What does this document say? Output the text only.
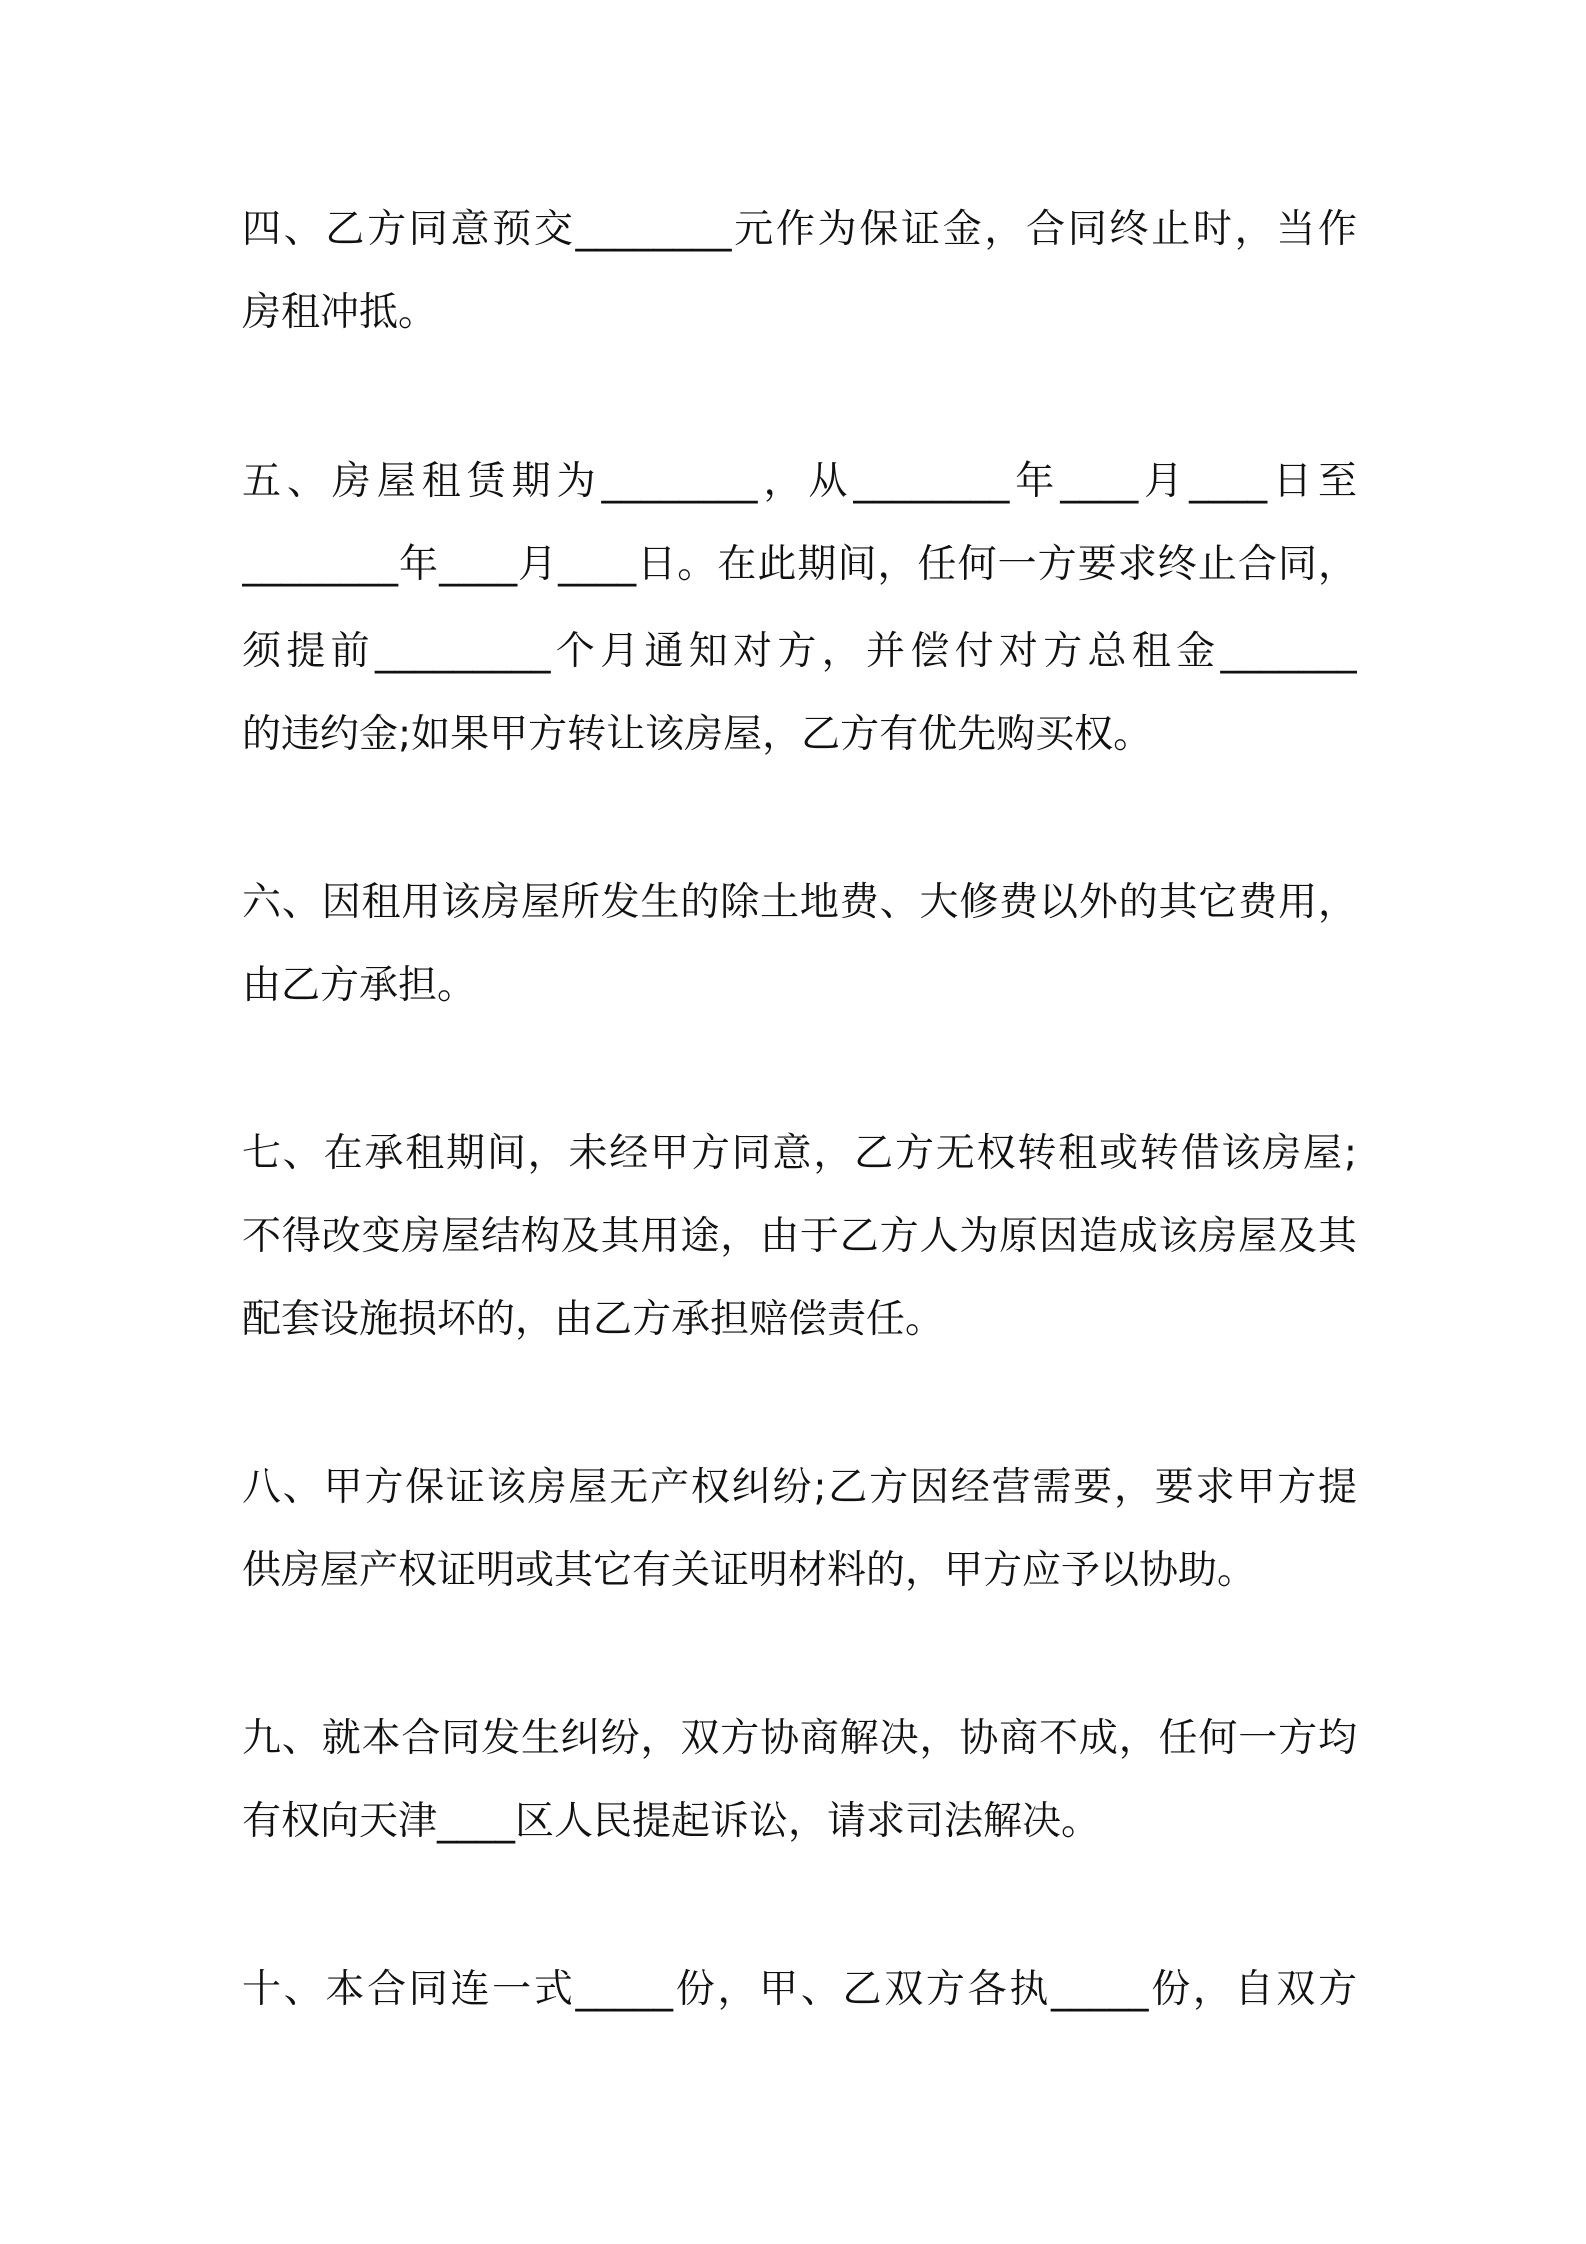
四、乙方同意预交________元作为保证金，合同终止时，当作
房租冲抵。
五、房屋租赁期为________，从________年____月____日至
________年____月____日。在此期间，任何一方要求终止合同，
须提前_________个月通知对方，并偿付对方总租金_______
的违约金;如果甲方转让该房屋，乙方有优先购买权。
六、因租用该房屋所发生的除土地费、大修费以外的其它费用，
由乙方承担。
七、在承租期间，未经甲方同意，乙方无权转租或转借该房屋;
不得改变房屋结构及其用途，由于乙方人为原因造成该房屋及其
配套设施损坏的，由乙方承担赔偿责任。
八、甲方保证该房屋无产权纠纷;乙方因经营需要，要求甲方提
供房屋产权证明或其它有关证明材料的，甲方应予以协助。
九、就本合同发生纠纷，双方协商解决，协商不成，任何一方均
有权向天津____区人民提起诉讼，请求司法解决。
十、本合同连一式_____份，甲、乙双方各执_____份，自双方
